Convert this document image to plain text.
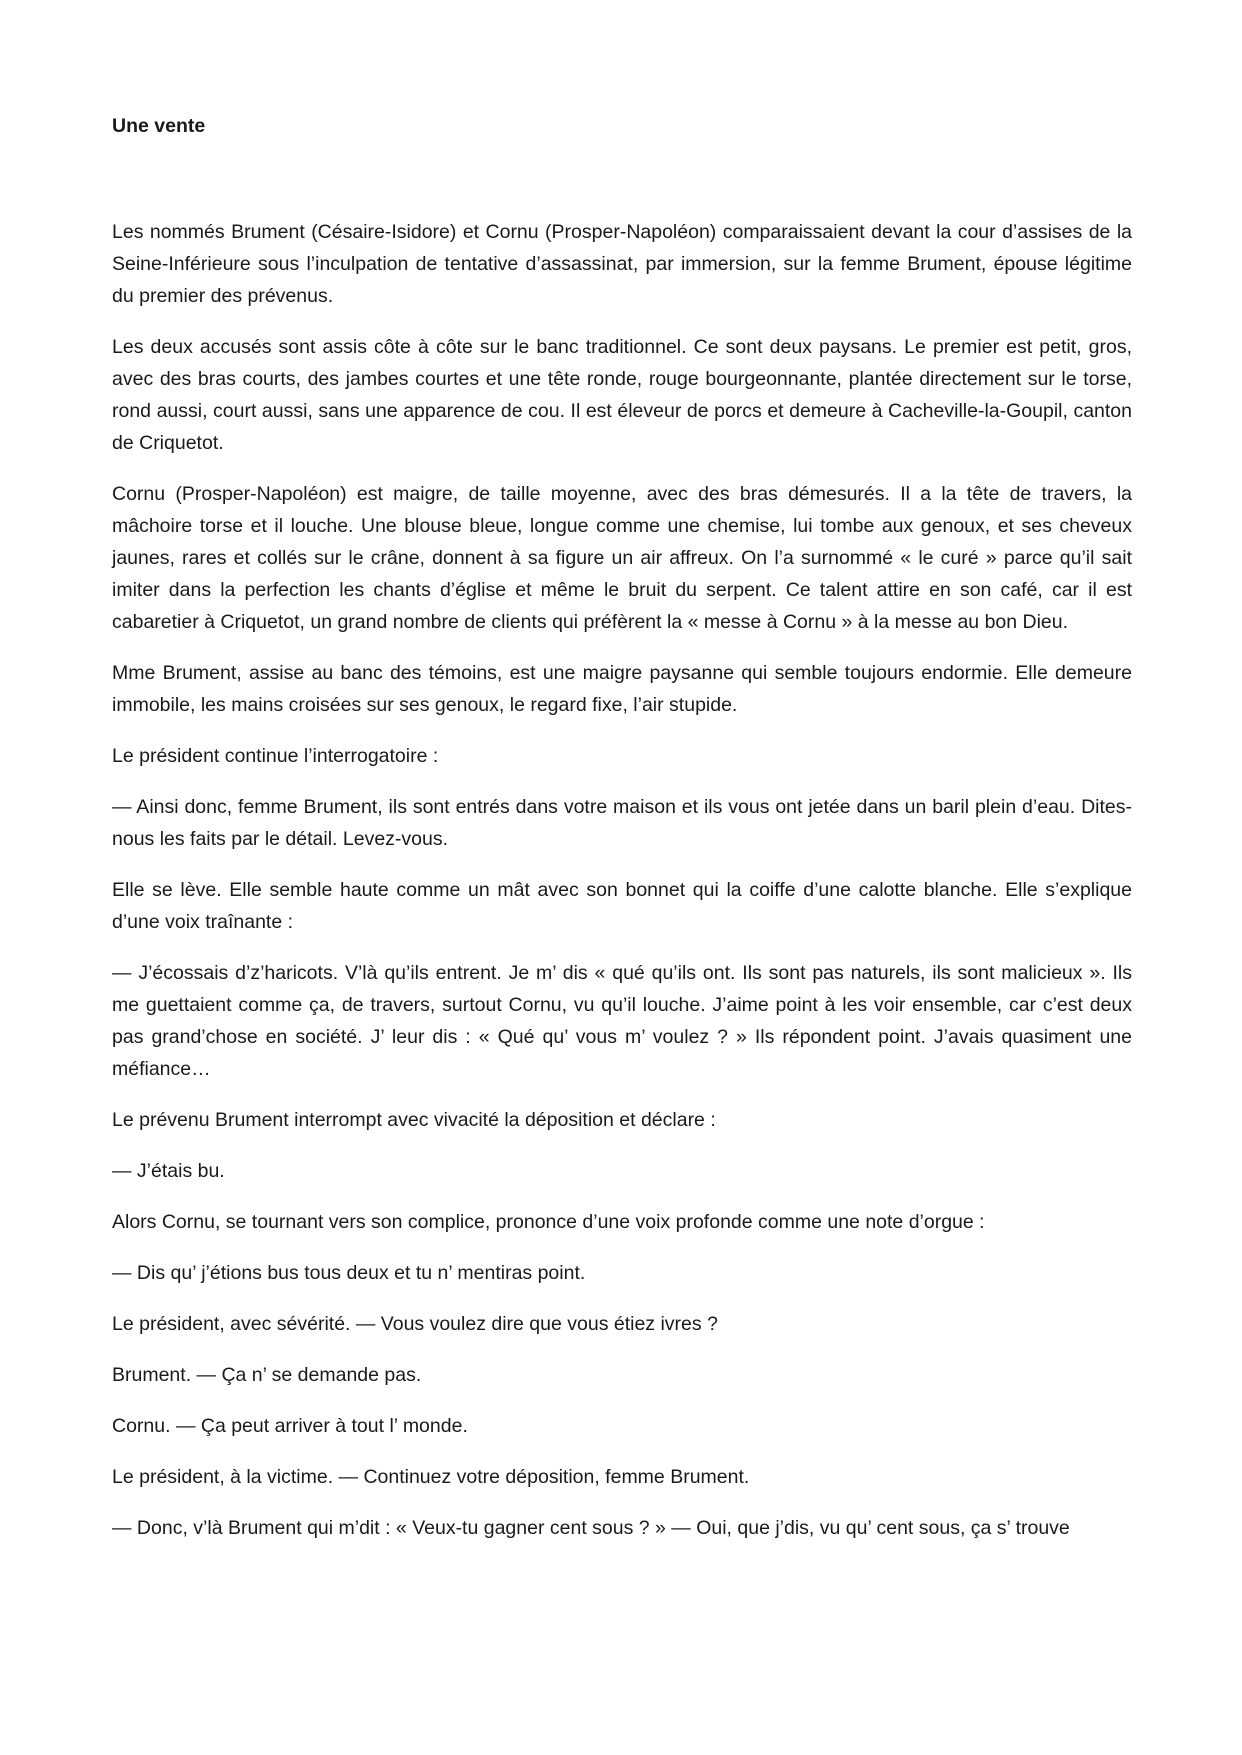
Une vente

Les nommés Brument (Césaire-Isidore) et Cornu (Prosper-Napoléon) comparaissaient devant la cour d’assises de la Seine-Inférieure sous l’inculpation de tentative d’assassinat, par immersion, sur la femme Brument, épouse légitime du premier des prévenus.

Les deux accusés sont assis côte à côte sur le banc traditionnel. Ce sont deux paysans. Le premier est petit, gros, avec des bras courts, des jambes courtes et une tête ronde, rouge bourgeonnante, plantée directement sur le torse, rond aussi, court aussi, sans une apparence de cou. Il est éleveur de porcs et demeure à Cacheville-la-Goupil, canton de Criquetot.

Cornu (Prosper-Napoléon) est maigre, de taille moyenne, avec des bras démesurés. Il a la tête de travers, la mâchoire torse et il louche. Une blouse bleue, longue comme une chemise, lui tombe aux genoux, et ses cheveux jaunes, rares et collés sur le crâne, donnent à sa figure un air affreux. On l’a surnommé « le curé » parce qu’il sait imiter dans la perfection les chants d’église et même le bruit du serpent. Ce talent attire en son café, car il est cabaretier à Criquetot, un grand nombre de clients qui préfèrent la « messe à Cornu » à la messe au bon Dieu.

Mme Brument, assise au banc des témoins, est une maigre paysanne qui semble toujours endormie. Elle demeure immobile, les mains croisées sur ses genoux, le regard fixe, l’air stupide.

Le président continue l’interrogatoire :

— Ainsi donc, femme Brument, ils sont entrés dans votre maison et ils vous ont jetée dans un baril plein d’eau. Dites-nous les faits par le détail. Levez-vous.

Elle se lève. Elle semble haute comme un mât avec son bonnet qui la coiffe d’une calotte blanche. Elle s’explique d’une voix traînante :

— J’écossais d’z’haricots. V’là qu’ils entrent. Je m’ dis « qué qu’ils ont. Ils sont pas naturels, ils sont malicieux ». Ils me guettaient comme ça, de travers, surtout Cornu, vu qu’il louche. J’aime point à les voir ensemble, car c’est deux pas grand’chose en société. J’ leur dis : « Qué qu’ vous m’ voulez ? » Ils répondent point. J’avais quasiment une méfiance…

Le prévenu Brument interrompt avec vivacité la déposition et déclare :

— J’étais bu.

Alors Cornu, se tournant vers son complice, prononce d’une voix profonde comme une note d’orgue :

— Dis qu’ j’étions bus tous deux et tu n’ mentiras point.

Le président, avec sévérité. — Vous voulez dire que vous étiez ivres ?

Brument. — Ça n’ se demande pas.

Cornu. — Ça peut arriver à tout l’ monde.

Le président, à la victime. — Continuez votre déposition, femme Brument.

— Donc, v’là Brument qui m’dit : « Veux-tu gagner cent sous ? » — Oui, que j’dis, vu qu’ cent sous, ça s’ trouve
